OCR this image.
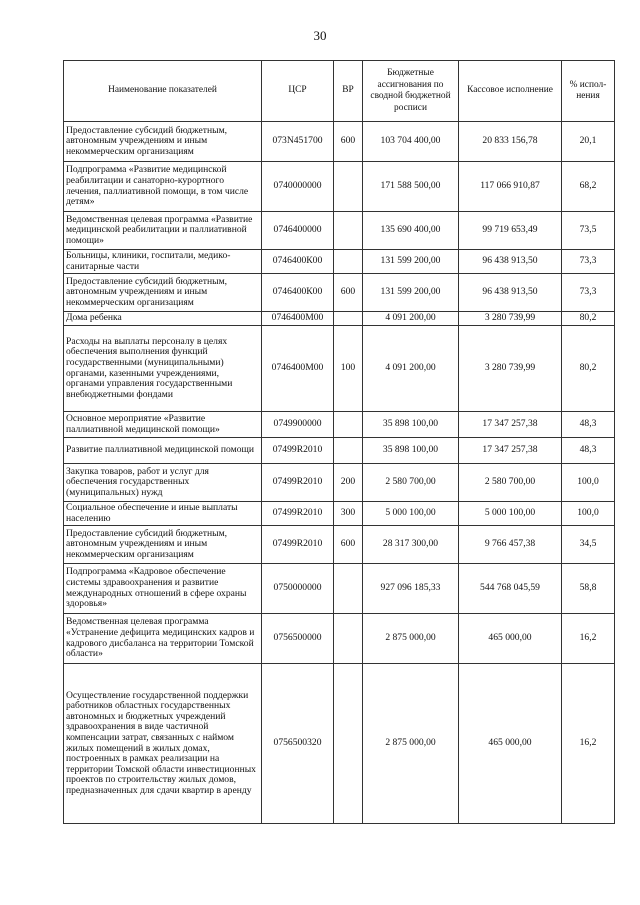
30
Наименование показателей	ЦСР	ВР	Бюджетные ассигнования по сводной бюджетной росписи	Кассовое исполнение	% испол-нения
Предоставление субсидий бюджетным, автономным учреждениям и иным некоммерческим организациям	073N451700	600	103 704 400,00	20 833 156,78	20,1
Подпрограмма «Развитие медицинской реабилитации и санаторно-курортного лечения, паллиативной помощи, в том числе детям»	0740000000		171 588 500,00	117 066 910,87	68,2
Ведомственная целевая программа «Развитие медицинской реабилитации и паллиативной помощи»	0746400000		135 690 400,00	99 719 653,49	73,5
Больницы, клиники, госпитали, медико-санитарные части	0746400К00		131 599 200,00	96 438 913,50	73,3
Предоставление субсидий бюджетным, автономным учреждениям и иным некоммерческим организациям	0746400К00	600	131 599 200,00	96 438 913,50	73,3
Дома ребенка	0746400М00		4 091 200,00	3 280 739,99	80,2
Расходы на выплаты персоналу в целях обеспечения выполнения функций государственными (муниципальными) органами, казенными учреждениями, органами управления государственными внебюджетными фондами	0746400М00	100	4 091 200,00	3 280 739,99	80,2
Основное мероприятие «Развитие паллиативной медицинской помощи»	0749900000		35 898 100,00	17 347 257,38	48,3
Развитие паллиативной медицинской помощи	07499R2010		35 898 100,00	17 347 257,38	48,3
Закупка товаров, работ и услуг для обеспечения государственных (муниципальных) нужд	07499R2010	200	2 580 700,00	2 580 700,00	100,0
Социальное обеспечение и иные выплаты населению	07499R2010	300	5 000 100,00	5 000 100,00	100,0
Предоставление субсидий бюджетным, автономным учреждениям и иным некоммерческим организациям	07499R2010	600	28 317 300,00	9 766 457,38	34,5
Подпрограмма «Кадровое обеспечение системы здравоохранения и развитие международных отношений в сфере охраны здоровья»	0750000000		927 096 185,33	544 768 045,59	58,8
Ведомственная целевая программа «Устранение дефицита медицинских кадров и кадрового дисбаланса на территории Томской области»	0756500000		2 875 000,00	465 000,00	16,2
Осуществление государственной поддержки работников областных государственных автономных и бюджетных учреждений здравоохранения в виде частичной компенсации затрат, связанных с наймом жилых помещений в жилых домах, построенных в рамках реализации на территории Томской области инвестиционных проектов по строительству жилых домов, предназначенных для сдачи квартир в аренду	0756500320		2 875 000,00	465 000,00	16,2
